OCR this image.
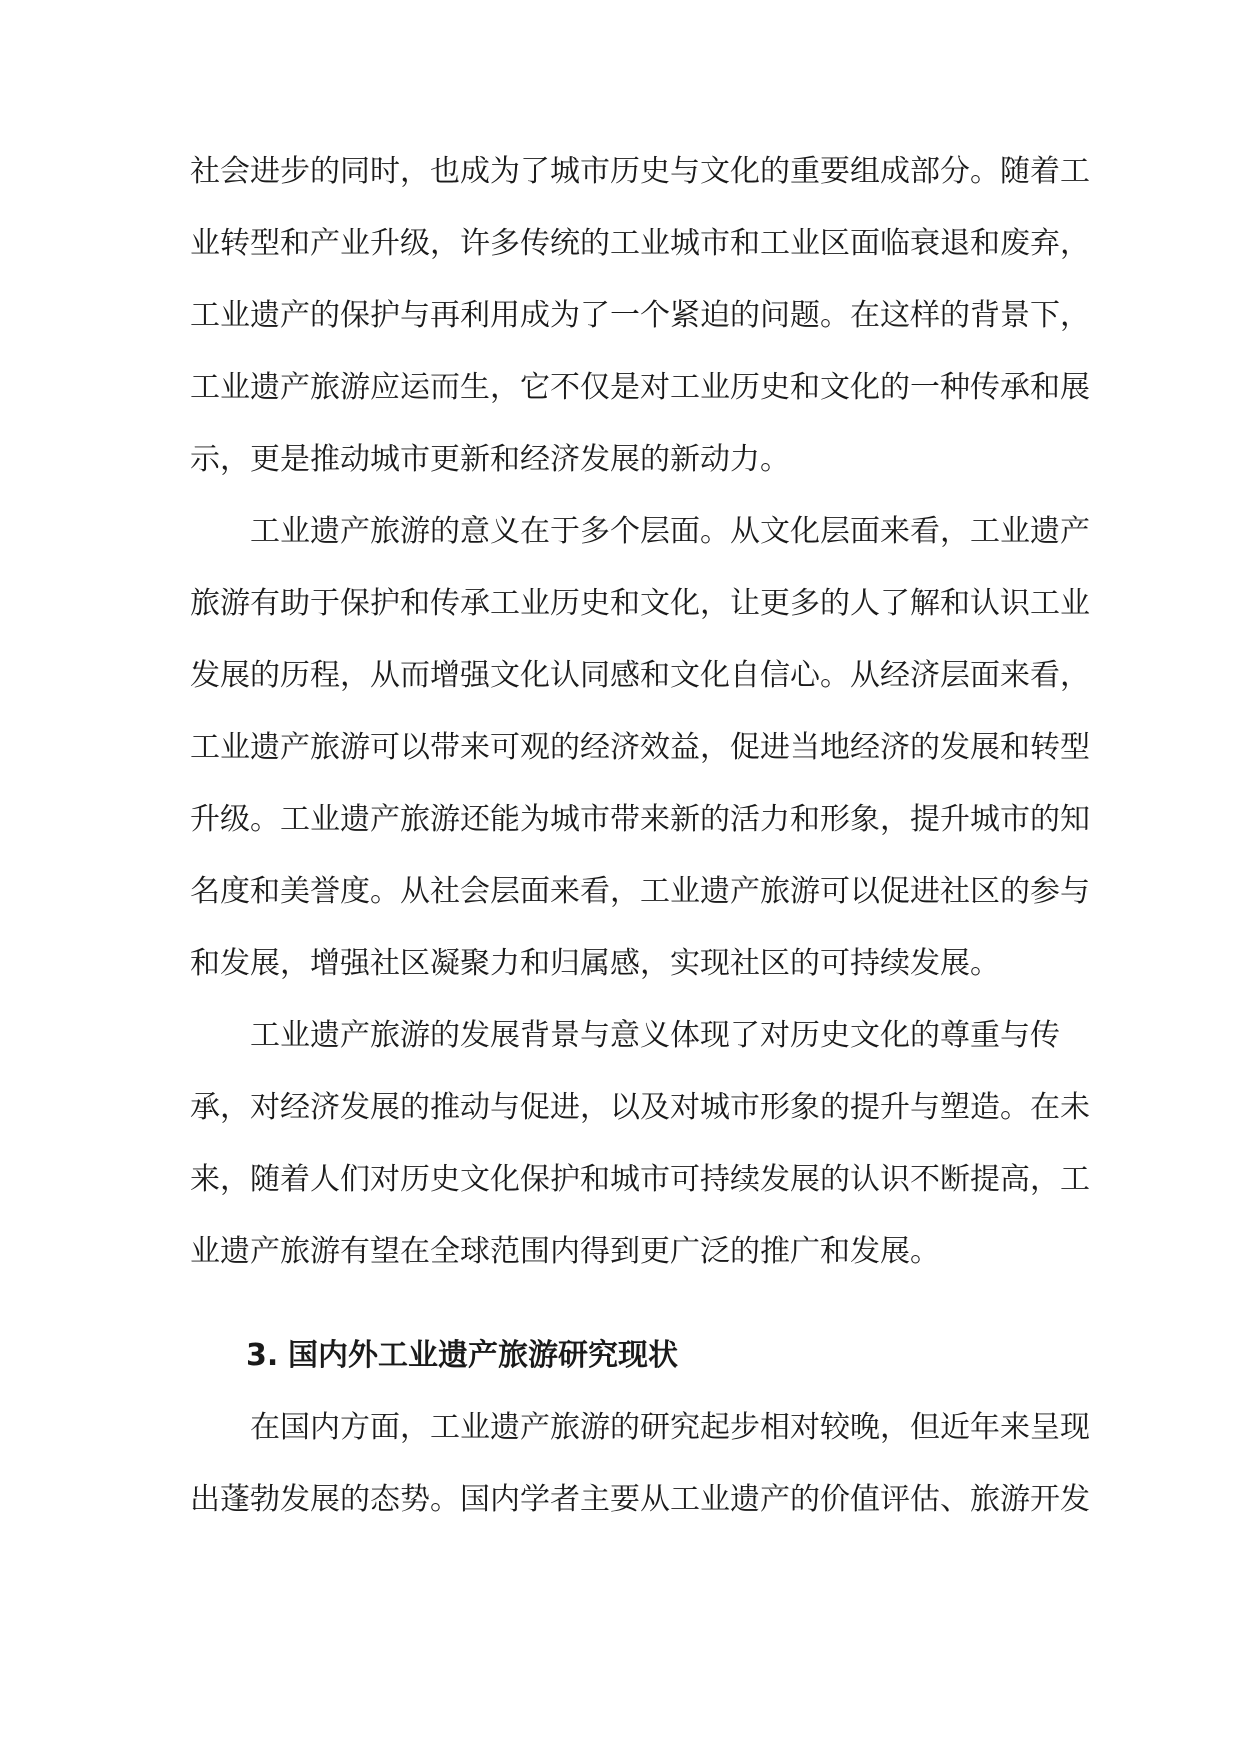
社会进步的同时，也成为了城市历史与文化的重要组成部分。随着工
业转型和产业升级，许多传统的工业城市和工业区面临衰退和废弃，
工业遗产的保护与再利用成为了一个紧迫的问题。在这样的背景下，
工业遗产旅游应运而生，它不仅是对工业历史和文化的一种传承和展
示，更是推动城市更新和经济发展的新动力。
工业遗产旅游的意义在于多个层面。从文化层面来看，工业遗产
旅游有助于保护和传承工业历史和文化，让更多的人了解和认识工业
发展的历程，从而增强文化认同感和文化自信心。从经济层面来看，
工业遗产旅游可以带来可观的经济效益，促进当地经济的发展和转型
升级。工业遗产旅游还能为城市带来新的活力和形象，提升城市的知
名度和美誉度。从社会层面来看，工业遗产旅游可以促进社区的参与
和发展，增强社区凝聚力和归属感，实现社区的可持续发展。
工业遗产旅游的发展背景与意义体现了对历史文化的尊重与传
承，对经济发展的推动与促进，以及对城市形象的提升与塑造。在未
来，随着人们对历史文化保护和城市可持续发展的认识不断提高，工
业遗产旅游有望在全球范围内得到更广泛的推广和发展。
3. 国内外工业遗产旅游研究现状
在国内方面，工业遗产旅游的研究起步相对较晚，但近年来呈现
出蓬勃发展的态势。国内学者主要从工业遗产的价值评估、旅游开发
